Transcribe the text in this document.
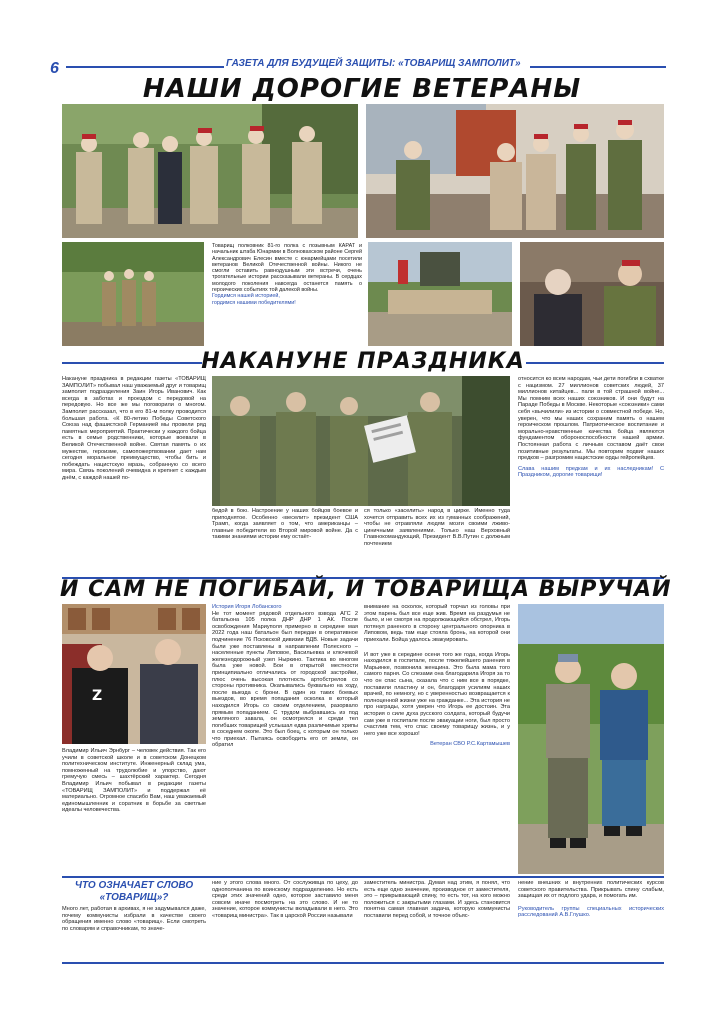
6	ГАЗЕТА ДЛЯ БУДУЩЕЙ ЗАЩИТЫ: «ТОВАРИЩ ЗАМПОЛИТ»
НАШИ ДОРОГИЕ ВЕТЕРАНЫ
Товарищ полковник 81-го полка с позывным КАРАТ и начальник штаба Юнармии в Волновахском районе Сергей Александрович Елесин вместе с юнармейцами посетили ветеранов Великой Отечественной войны. Никого не смогли оставить равнодушным эти встречи, очень трогательные истории рассказывали ветераны. В сердцах молодого поколения навсегда останется память о героических событиях той далекой войны.
Гордимся нашей историей,
гордимся нашими победителями!
НАКАНУНЕ ПРАЗДНИКА
Накануне праздника в редакции газеты «ТОВАРИЩ ЗАМПОЛИТ» побывал наш уважаемый друг и товарищ замполит подразделения Заин Игорь Иванович. Как всегда в заботах и проездом с передовой на передовую. Но все же мы поговорили о многом. Замполит рассказал, что в его 81-м полку проводится большая работа. «К 80-летию Победы Советского Союза над фашистской Германией мы провели ряд памятных мероприятий. Практически у каждого бойца есть в семье родственники, которые воевали в Великой Отечественной войне. Святая память о их мужестве, героизме, самопожертвовании дает нам сегодня моральное преимущество, чтобы бить и побеждать нацистскую мразь, собранную со всего мира. Связь поколений очевидна и крепнет с каждым днём, с каждой нашей по-
бедой в бою. Настроение у наших бойцов боевое и приподнятое. Особенно «веселит» президент США Трамп, когда заявляет о том, что американцы – главные победители во Второй мировой войне. Да с такими знаниями истории ему остаёт-
ся только «заселить» народ в цирке. Именно туда хочется отправить всех их из гуманных соображений, чтобы не отравляли людям мозги своими лживо-циничными заявлениями. Только наш Верховный Главнокомандующий, Президент В.В.Путин с должным почтением
относится ко всем народам, чьи дети погибли в схватке с нацизмом. 27 миллионов советских людей, 37 миллионов китайцев... пали в той страшной войне... Мы помним всех наших союзников. И они будут на Параде Победы в Москве. Некоторые «союзники» сами себя «вычилили» из истории о совместной победе. Но, уверен, что мы наших сохраним память о нашем героическом прошлом. Патриотическое воспитание и морально-нравственные качества бойца являются фундаментом обороноспособности нашей армии. Постоянная работа с личным составом даёт свои позитивные результаты. Мы повторим подвиг наших предков – разгромим нацистские орды гейропейцев.
Слава нашим предкам и их наследникам! С Праздником, дорогие товарищи!
И САМ НЕ ПОГИБАЙ, И ТОВАРИЩА ВЫРУЧАЙ
Z
Владимир Ильич Эрнбург – человек действия. Так его учили в советской школе и в советском Донецком политехническом институте. Инженерный склад ума, помноженный на трудолюбие и упорство, дают гремучую смесь – шахтёрский характер. Сегодня Владимир Ильич побывал в редакции газеты «ТОВАРИЩ ЗАМПОЛИТ» и поддержал её материально. Огромное спасибо Вам, наш уважаемый единомышленник и соратник в борьбе за светлые идеалы человечества.
История Игоря Лобанского
Не тот момент рядовой отдельного взвода АГС 2 батальона 105 полка ДНР ДНР 1 АК. После освобождения Мариуполя примерно в середине мая 2022 года наш батальон был передан в оперативное подчинение 76 Псковской дивизии ВДВ. Новые задачи были уже поставлены в направлении Полесного – населенные пункты Липовое, Васильевка и ключевой железнодорожный узел Ныркино. Тактика во многом была уже новой. Бои в открытой местности принципиально отличались от городской застройки, плюс очень высокая плотность артобстрелов со стороны противника. Окапывались буквально на ходу, после выезда с брони. В один из таких боевых выездов, во время попадания осколка в который находился Игорь со своим отделением, разорвало прямым попаданием. С трудом выбравшись из под земляного завала, он осмотрелся и среди тел погибших товарищей услышал едва различимые хрипы в соседнем окопе. Это был боец, с которым он только что приехал. Пытаясь освободить его от земли, он обратил
внимание на осколок, который торчал из головы при этом парень был все еще жив. Время на раздумья не было, и не смотря на продолжающийся обстрел, Игорь потянул раненого в сторону центрального опорника в Липовом, ведь там еще стояла бронь, на которой они приехали. Бойца удалось эвакуировать.
И вот уже в середине осени того же года, когда Игорь находился в госпитале, после тяжелейшего ранения в Марьинке, позвонила женщина. Это была мама того самого парня. Со слезами она благодарила Игоря за то что он спас сына, сказала что с ним все в порядке, поставили пластину и он, благодаря усилиям наших врачей, по немногу, но с уверенностью возвращается к полноценной жизни уже на гражданке... Эта история не про награды, хотя уверен что Игорь ее достоин. Эта история о силе духа русского солдата, который будучи сам уже в госпитале после эвакуации ноги, был просто счастлив тем, что спас своему товарищу жизнь, и у него уже все хорошо!
Ветеран СВО Р.С.Картамышев
ЧТО ОЗНАЧАЕТ СЛОВО
«ТОВАРИЩ»?
Много лет, работая в архивах, я не задумывался даже, почему коммунисты избрали в качестве своего обращения именно слово «товарищ». Если смотреть по словарям и справочникам, то значе-
ние у этого слова много. От сослуживца по цеху, до однополчанина по воинскому подразделению. Но есть среди этих значений одно, которое заставило меня совсем иначе посмотреть на это слово. И не то значение, которое коммунисты вкладывали в него. Это «товарищ министра». Так в царской России называли
заместитель министра. Думая над этим, я понял, что есть еще одно значение, производное от заместителя, это – прикрывающий спину, то есть тот, на кого можно положиться с закрытыми глазами. И здесь становится понятна самая главная задача, которую коммунисты поставили перед собой, и точное объяс-
нение внешних и внутренних политических курсов советского правительства. Прикрывать спину слабым, защищая их от подлого удара, и помогать им.
Руководитель группы специальных исторических расследований А.В.Глушко.
